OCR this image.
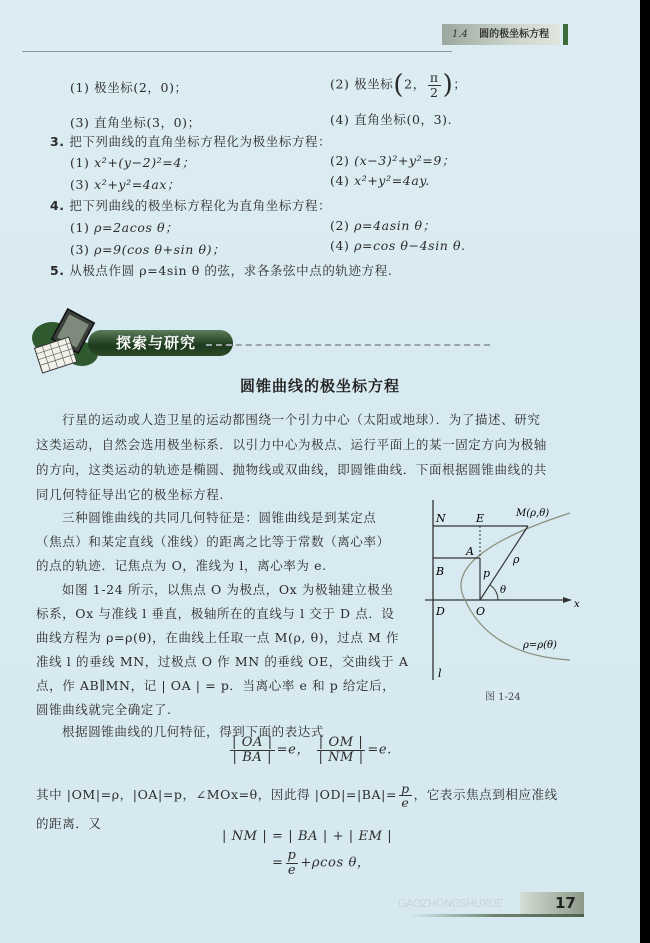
1.4 圆的极坐标方程
(1) 极坐标(2，0)；	(2) 极坐标(2， $\frac{\pi}{2}$ )；
(3) 直角坐标(3，0)；	(4) 直角坐标(0，3).
3. 把下列曲线的直角坐标方程化为极坐标方程：
(1) x²+(y−2)²=4；	(2) (x−3)²+y²=9；
(3) x²+y²=4ax；	(4) x²+y²=4ay.
4. 把下列曲线的极坐标方程化为直角坐标方程：
(1) ρ=2acos θ；	(2) ρ=4asin θ；
(3) ρ=9(cos θ+sin θ)；	(4) ρ=cos θ−4sin θ.
5. 从极点作圆 ρ=4sin θ 的弦，求各条弦中点的轨迹方程.
探索与研究
圆锥曲线的极坐标方程
行星的运动或人造卫星的运动都围绕一个引力中心（太阳或地球）．为了描述、研究
这类运动，自然会选用极坐标系．以引力中心为极点、运行平面上的某一固定方向为极轴
的方向，这类运动的轨迹是椭圆、抛物线或双曲线，即圆锥曲线．下面根据圆锥曲线的共
同几何特征导出它的极坐标方程.
三种圆锥曲线的共同几何特征是：圆锥曲线是到某定点
（焦点）和某定直线（准线）的距离之比等于常数（离心率）
的点的轨迹．记焦点为 O，准线为 l，离心率为 e.
如图 1-24 所示，以焦点 O 为极点，Ox 为极轴建立极坐
标系，Ox 与准线 l 垂直，极轴所在的直线与 l 交于 D 点．设
曲线方程为 ρ=ρ(θ)，在曲线上任取一点 M(ρ, θ)，过点 M 作
准线 l 的垂线 MN，过极点 O 作 MN 的垂线 OE，交曲线于 A
点，作 AB∥MN，记 | OA | = p．当离心率 e 和 p 给定后，
圆锥曲线就完全确定了.
根据圆锥曲线的几何特征，得到下面的表达式
$\frac{| OA |}{| BA |} =e$， $\frac{| OM |}{| NM |} =e$.
其中 |OM|=ρ，|OA|=p，∠MOx=θ，因此得 $|OD|=|BA|= \frac{p}{e}$ ，它表示焦点到相应准线
的距离．又
| NM | = | BA | + | EM |
= $\frac{p}{e} +\rho\cos$ θ，
N	E	M(ρ,θ)
A
B	p
ρ
θ
D	O
x
l
ρ=ρ(θ)
图 1-24
GAOZHONGSHUXUE	17
